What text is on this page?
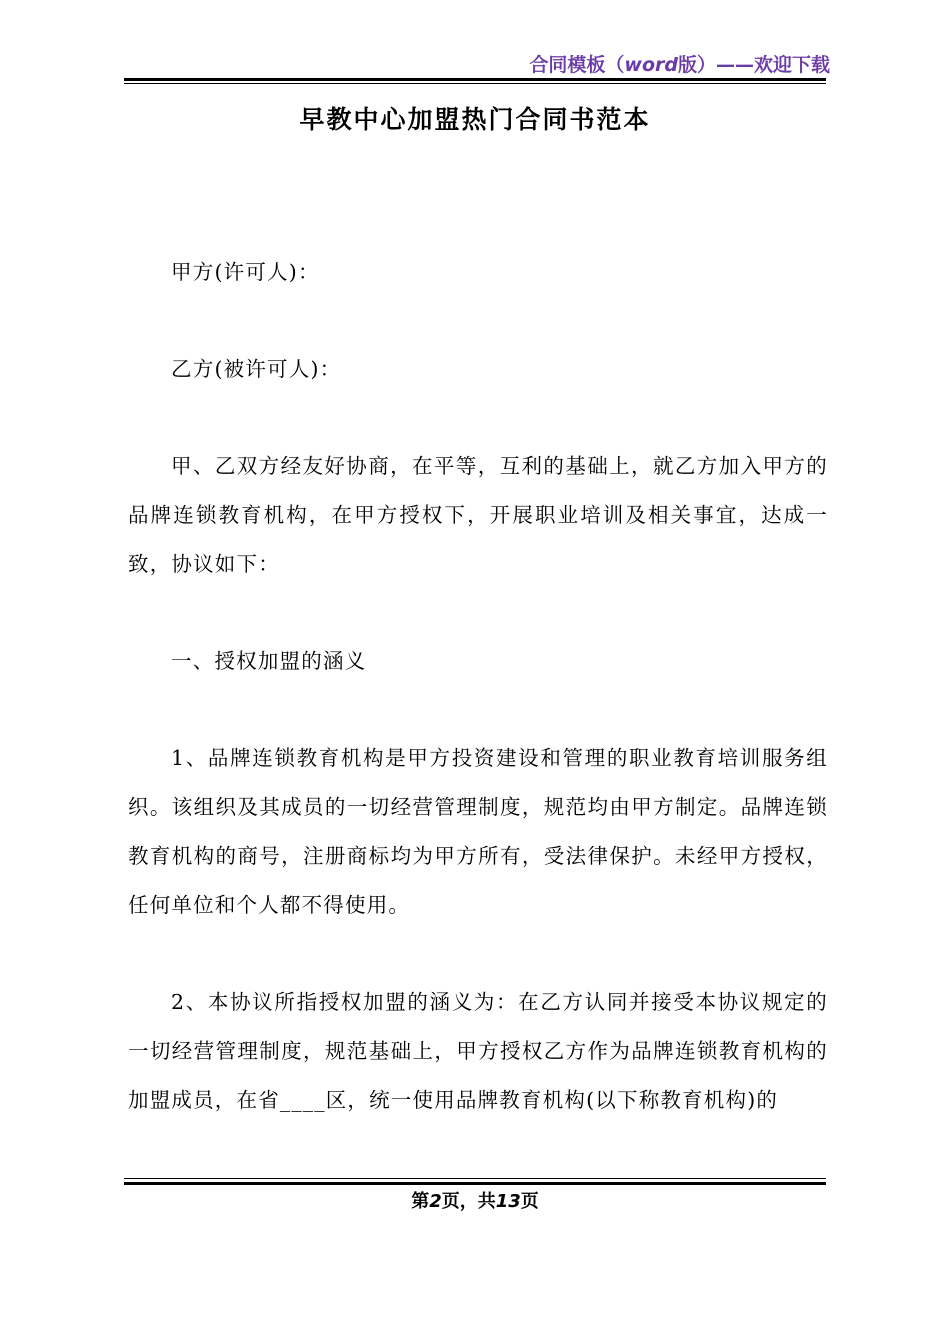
合同模板（word版）——欢迎下载
早教中心加盟热门合同书范本

甲方(许可人)：

乙方(被许可人)：

甲、乙双方经友好协商，在平等，互利的基础上，就乙方加入甲方的品牌连锁教育机构，在甲方授权下，开展职业培训及相关事宜，达成一致，协议如下：

一、授权加盟的涵义

1、品牌连锁教育机构是甲方投资建设和管理的职业教育培训服务组织。该组织及其成员的一切经营管理制度，规范均由甲方制定。品牌连锁教育机构的商号，注册商标均为甲方所有，受法律保护。未经甲方授权，任何单位和个人都不得使用。

2、本协议所指授权加盟的涵义为：在乙方认同并接受本协议规定的一切经营管理制度，规范基础上，甲方授权乙方作为品牌连锁教育机构的加盟成员，在省____区，统一使用品牌教育机构(以下称教育机构)的

第2页，共13页
